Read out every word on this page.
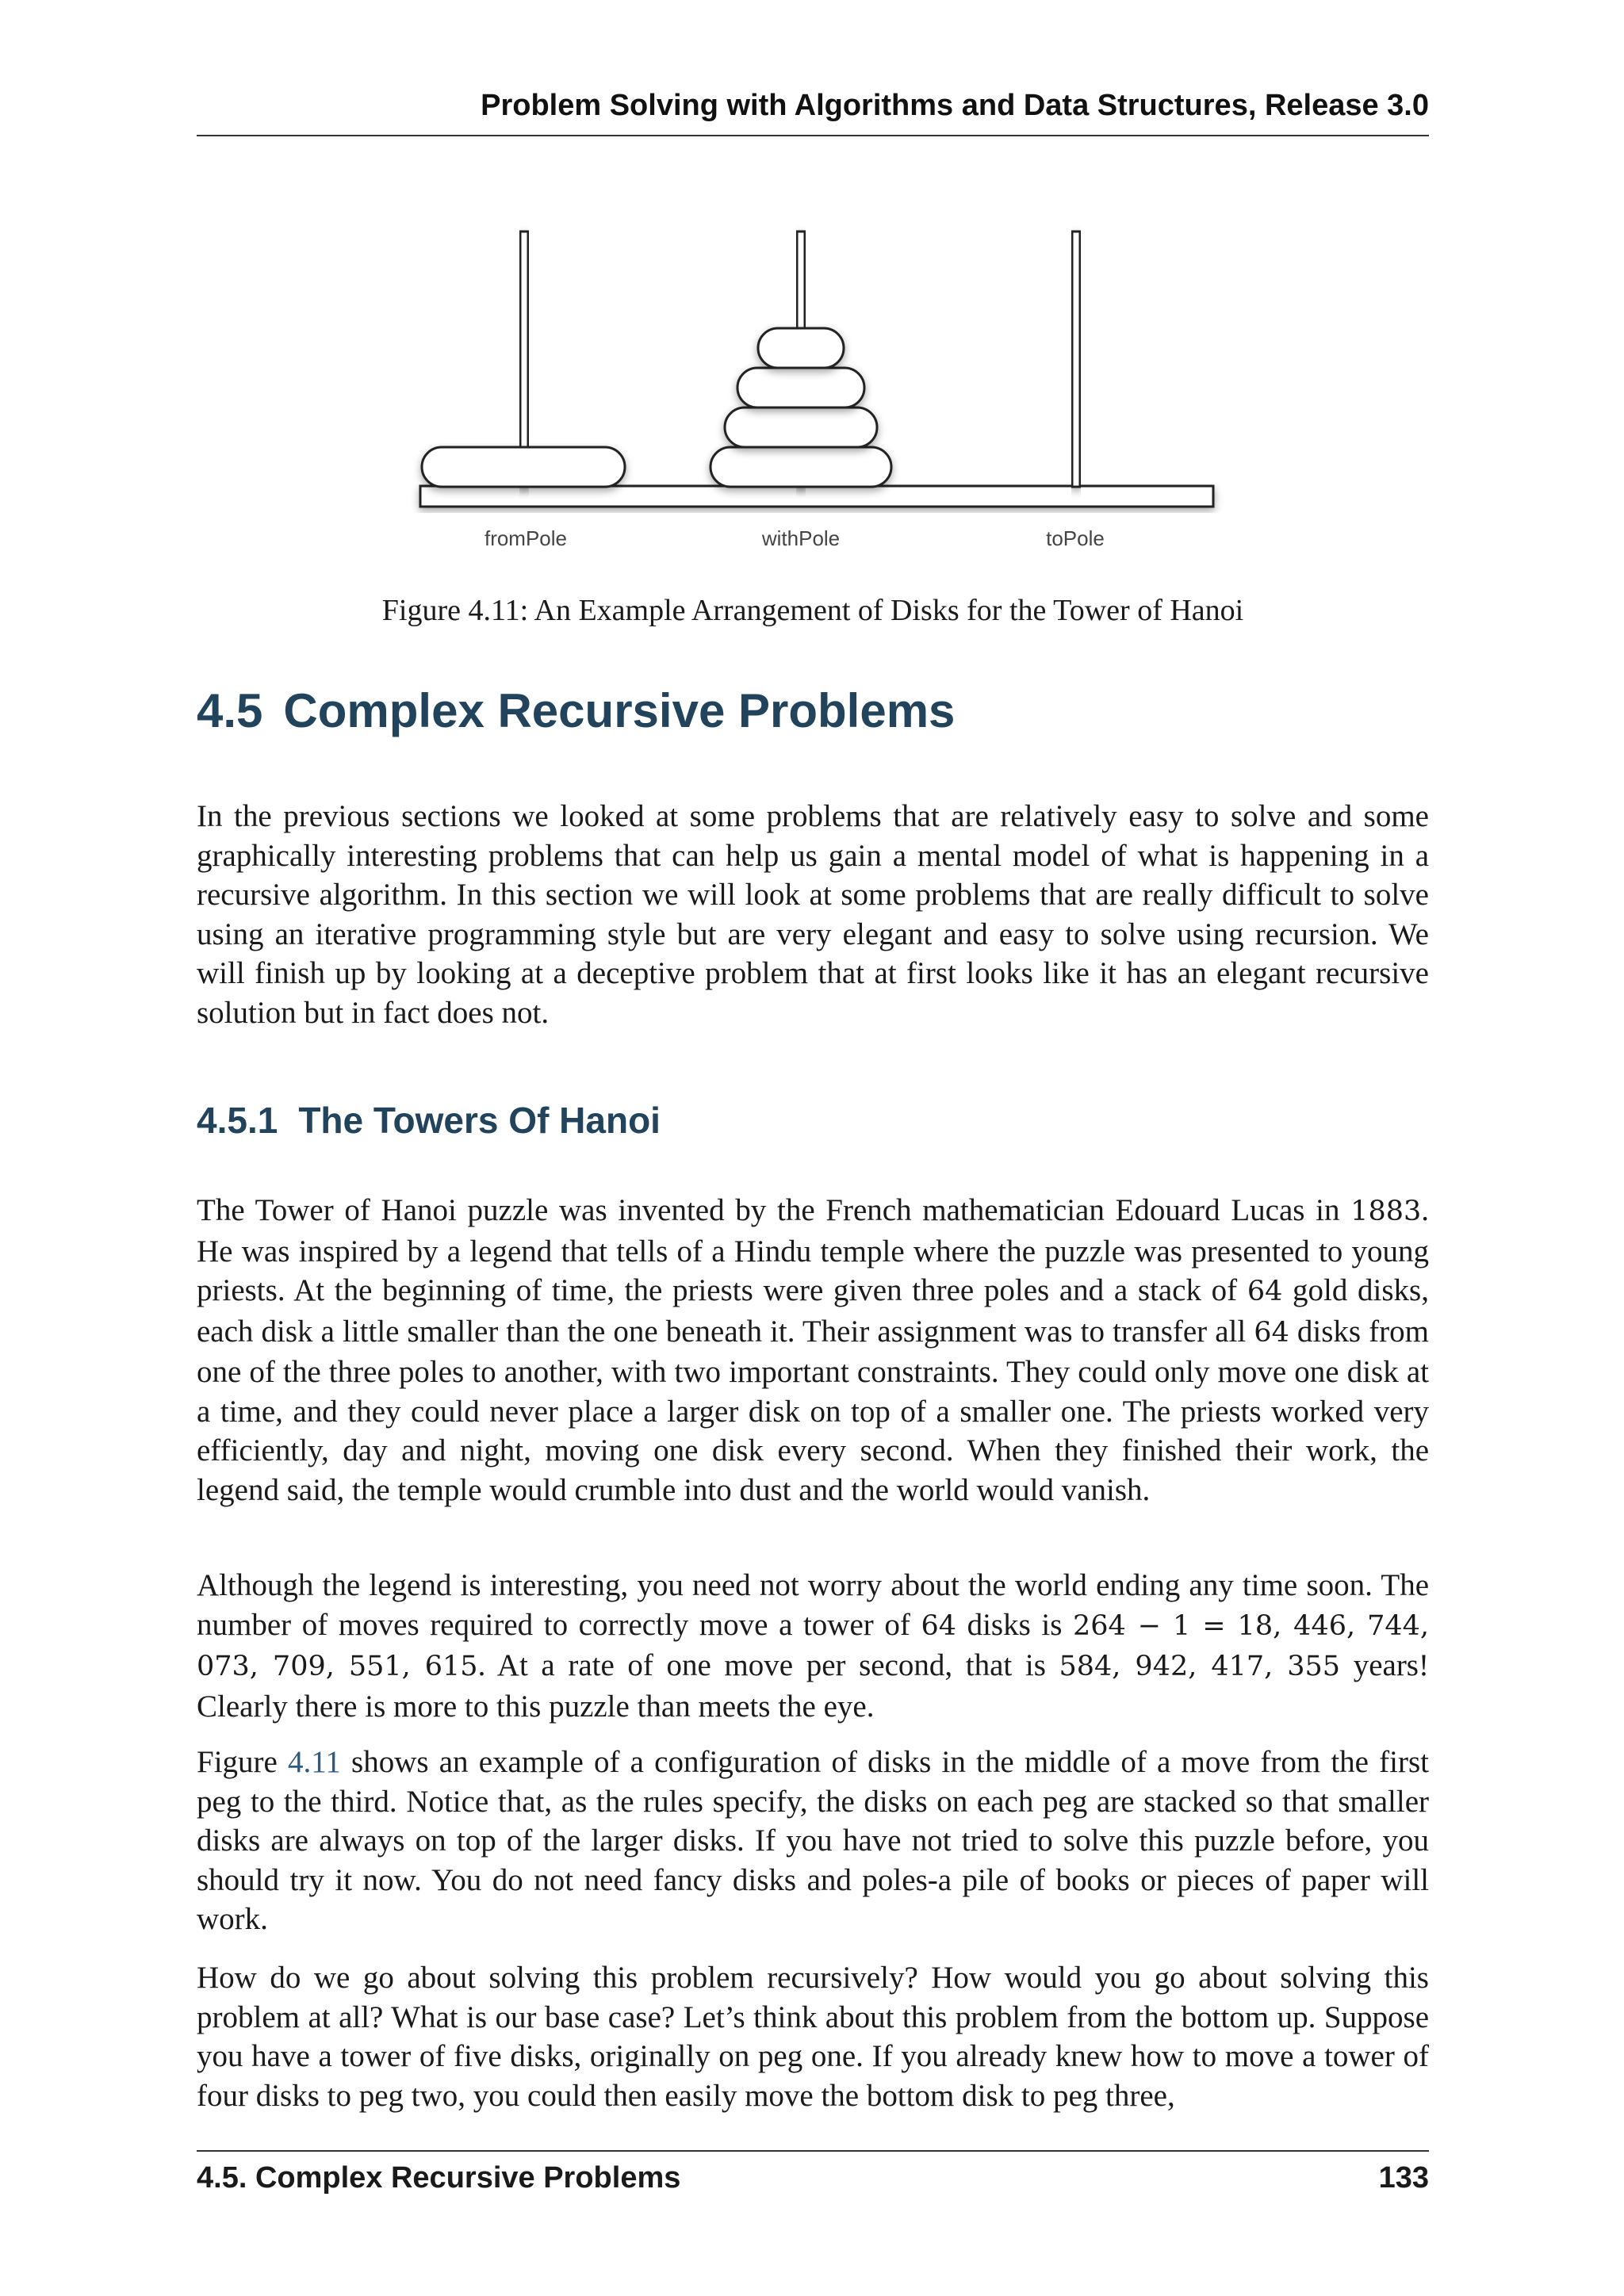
Problem Solving with Algorithms and Data Structures, Release 3.0
fromPole	withPole	toPole
Figure 4.11: An Example Arrangement of Disks for the Tower of Hanoi
4.5 Complex Recursive Problems

In the previous sections we looked at some problems that are relatively easy to solve and some graphically interesting problems that can help us gain a mental model of what is happening in a recursive algorithm. In this section we will look at some problems that are really difficult to solve using an iterative programming style but are very elegant and easy to solve using recursion. We will finish up by looking at a deceptive problem that at first looks like it has an elegant recursive solution but in fact does not.

4.5.1 The Towers Of Hanoi

The Tower of Hanoi puzzle was invented by the French mathematician Edouard Lucas in 1883. He was inspired by a legend that tells of a Hindu temple where the puzzle was presented to young priests. At the beginning of time, the priests were given three poles and a stack of 64 gold disks, each disk a little smaller than the one beneath it. Their assignment was to transfer all 64 disks from one of the three poles to another, with two important constraints. They could only move one disk at a time, and they could never place a larger disk on top of a smaller one. The priests worked very efficiently, day and night, moving one disk every second. When they finished their work, the legend said, the temple would crumble into dust and the world would vanish.

Although the legend is interesting, you need not worry about the world ending any time soon. The number of moves required to correctly move a tower of 64 disks is 264 − 1 = 18, 446, 744, 073, 709, 551, 615. At a rate of one move per second, that is 584, 942, 417, 355 years! Clearly there is more to this puzzle than meets the eye.

Figure 4.11 shows an example of a configuration of disks in the middle of a move from the first peg to the third. Notice that, as the rules specify, the disks on each peg are stacked so that smaller disks are always on top of the larger disks. If you have not tried to solve this puzzle before, you should try it now. You do not need fancy disks and poles-a pile of books or pieces of paper will work.

How do we go about solving this problem recursively? How would you go about solving this problem at all? What is our base case? Let’s think about this problem from the bottom up. Suppose you have a tower of five disks, originally on peg one. If you already knew how to move a tower of four disks to peg two, you could then easily move the bottom disk to peg three,

4.5. Complex Recursive Problems	133
